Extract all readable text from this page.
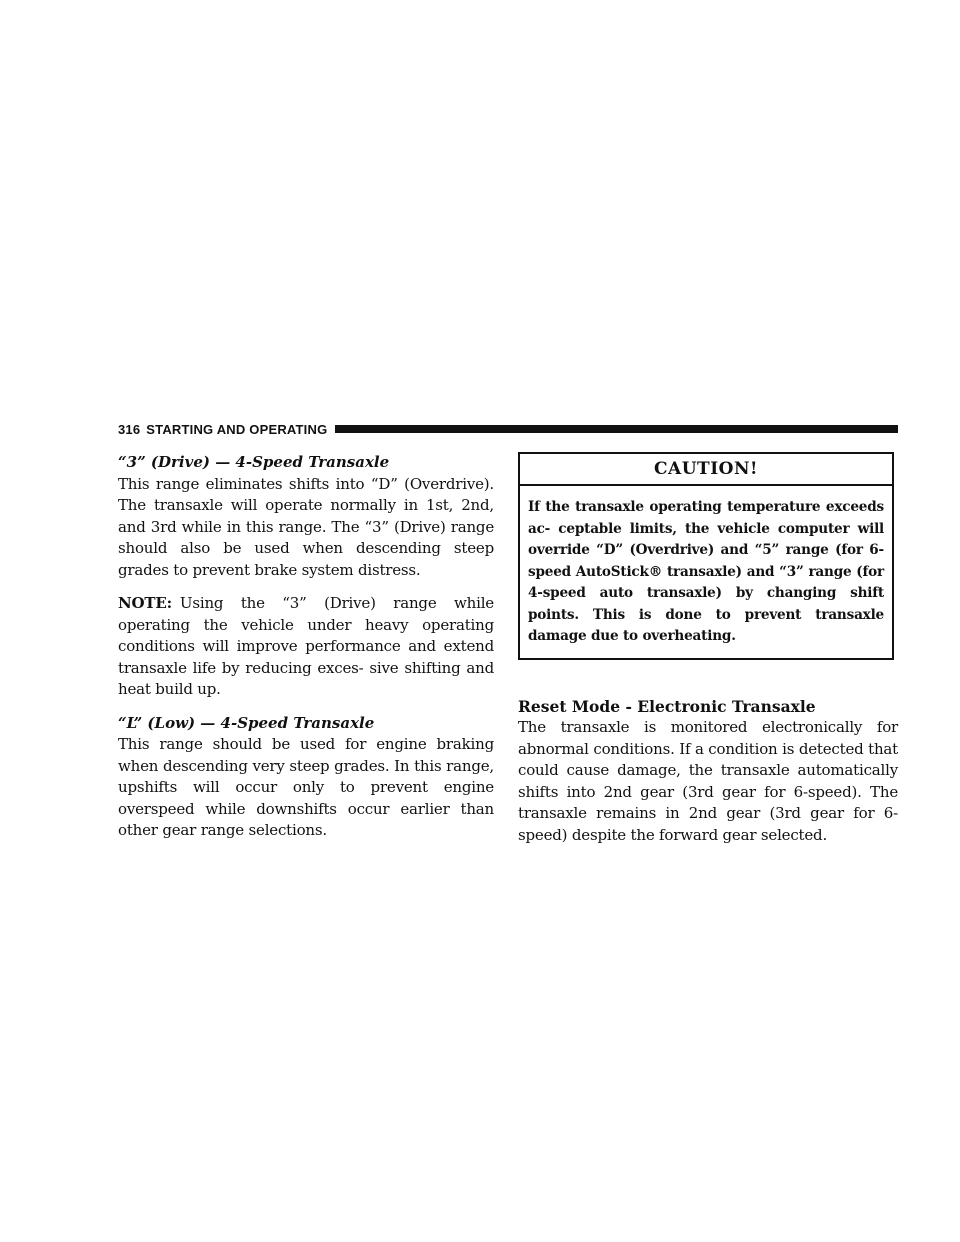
316 STARTING AND OPERATING

“3” (Drive) — 4-Speed Transaxle

This range eliminates shifts into “D” (Overdrive). The transaxle will operate normally in 1st, 2nd, and 3rd while in this range. The “3” (Drive) range should also be used when descending steep grades to prevent brake system distress.

NOTE: Using the “3” (Drive) range while operating the vehicle under heavy operating conditions will improve performance and extend transaxle life by reducing exces- sive shifting and heat build up.

“L” (Low) — 4-Speed Transaxle

This range should be used for engine braking when descending very steep grades. In this range, upshifts will occur only to prevent engine overspeed while downshifts occur earlier than other gear range selections.

CAUTION!

If the transaxle operating temperature exceeds ac- ceptable limits, the vehicle computer will override “D” (Overdrive) and “5” range (for 6-speed AutoStick® transaxle) and “3” range (for 4-speed auto transaxle) by changing shift points. This is done to prevent transaxle damage due to overheating.

Reset Mode - Electronic Transaxle

The transaxle is monitored electronically for abnormal conditions. If a condition is detected that could cause damage, the transaxle automatically shifts into 2nd gear (3rd gear for 6-speed). The transaxle remains in 2nd gear (3rd gear for 6-speed) despite the forward gear selected.
